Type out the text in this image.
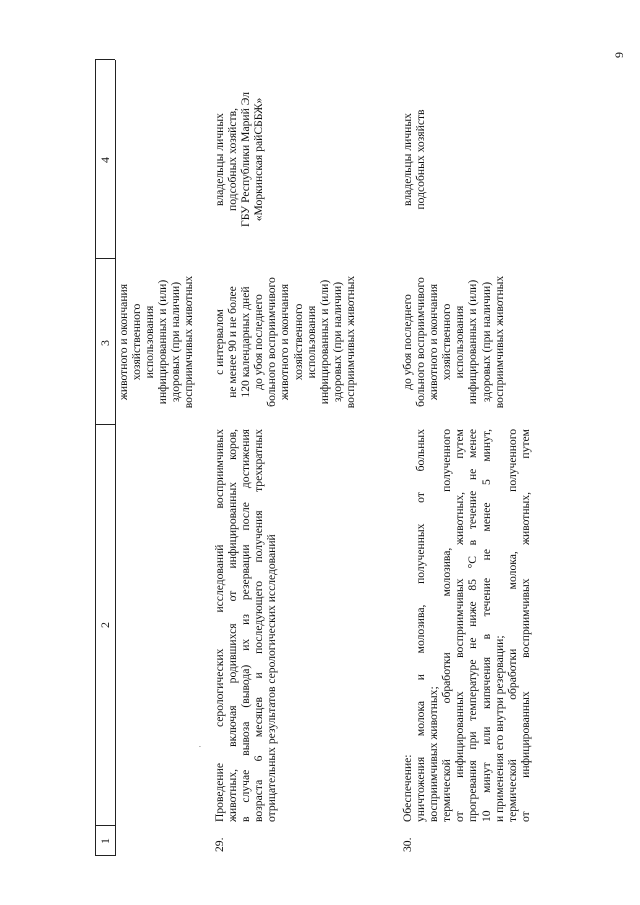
9
1
2
3
4
животного и окончания хозяйственного использования инфицированных и (или) здоровых (при наличии) восприимчивых животных
·
29.
Проведение серологических исследований восприимчивых животных, включая родившихся от инфицированных коров, в случае вывоза (вывода) их из резервации после достижения возраста 6 месяцев и последующего получения трехкратных отрицательных результатов серологических исследований
с интервалом не менее 90 и не более 120 календарных дней до убоя последнего больного восприимчивого животного и окончания хозяйственного использования инфицированных и (или) здоровых (при наличии) восприимчивых животных
владельцы личных подсобных хозяйств, ГБУ Республики Марий Эл «Моркинская райСББЖ»
30.
Обеспечение: уничтожения молока и молозива, полученных от больных восприимчивых животных; термической обработки молозива, полученного от инфицированных восприимчивых животных, путем прогревания при температуре не ниже 85 °С в течение не менее 10 минут или кипячения в течение не менее 5 минут, и применения его внутри резервации; термической обработки молока, полученного от инфицированных восприимчивых животных, путем
до убоя последнего больного восприимчивого животного и окончания хозяйственного использования инфицированных и (или) здоровых (при наличии) восприимчивых животных
владельцы личных подсобных хозяйств
